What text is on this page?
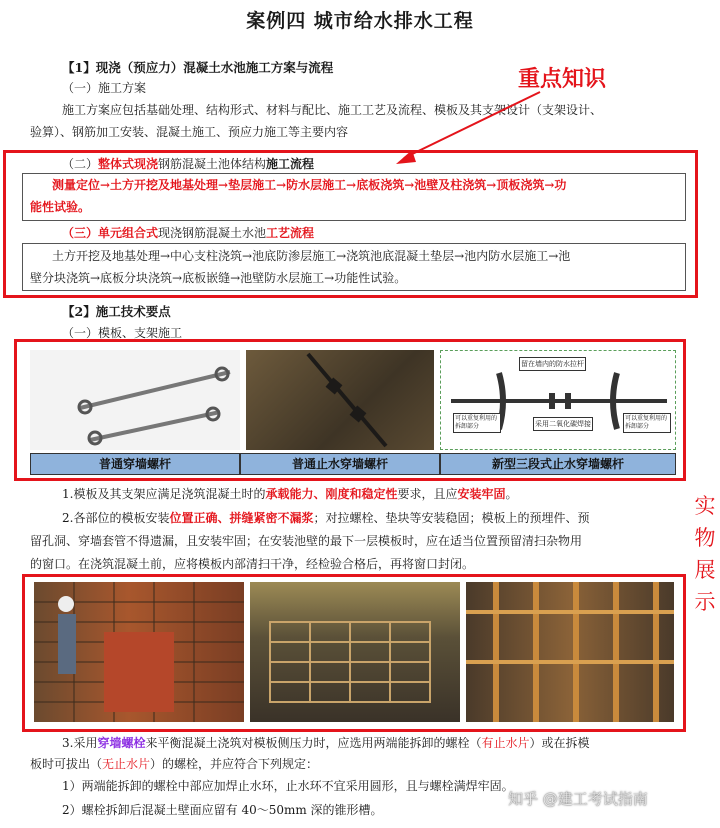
案例四 城市给水排水工程
【1】现浇（预应力）混凝土水池施工方案与流程
（一）施工方案
施工方案应包括基础处理、结构形式、材料与配比、施工工艺及流程、模板及其支架设计（支架设计、
验算）、钢筋加工安装、混凝土施工、预应力施工等主要内容
重点知识
（二）整体式现浇钢筋混凝土池体结构施工流程
测量定位→土方开挖及地基处理→垫层施工→防水层施工→底板浇筑→池壁及柱浇筑→顶板浇筑→功
能性试验。
（三）单元组合式现浇钢筋混凝土水池工艺流程
土方开挖及地基处理→中心支柱浇筑→池底防渗层施工→浇筑池底混凝土垫层→池内防水层施工→池
壁分块浇筑→底板分块浇筑→底板嵌缝→池壁防水层施工→功能性试验。
【2】施工技术要点
（一）模板、支架施工
留在墙内的防水拉杆
可以重复利用的拆卸部分	采用二氧化碳焊接
可以重复利用的拆卸部分
普通穿墙螺杆	普通止水穿墙螺杆	新型三段式止水穿墙螺杆
实
物
展
示
1.模板及其支架应满足浇筑混凝土时的承载能力、刚度和稳定性要求，且应安装牢固。
2.各部位的模板安装位置正确、拼缝紧密不漏浆；对拉螺栓、垫块等安装稳固；模板上的预埋件、预
留孔洞、穿墙套管不得遗漏，且安装牢固；在安装池壁的最下一层模板时，应在适当位置预留清扫杂物用
的窗口。在浇筑混凝土前，应将模板内部清扫干净，经检验合格后，再将窗口封闭。
3.采用穿墙螺栓来平衡混凝土浇筑对模板侧压力时，应选用两端能拆卸的螺栓（有止水片）或在拆模
板时可拔出（无止水片）的螺栓，并应符合下列规定：
1）两端能拆卸的螺栓中部应加焊止水环，止水环不宜采用圆形，且与螺栓满焊牢固。
2）螺栓拆卸后混凝土壁面应留有 40～50mm 深的锥形槽。
知乎 @建工考试指南
